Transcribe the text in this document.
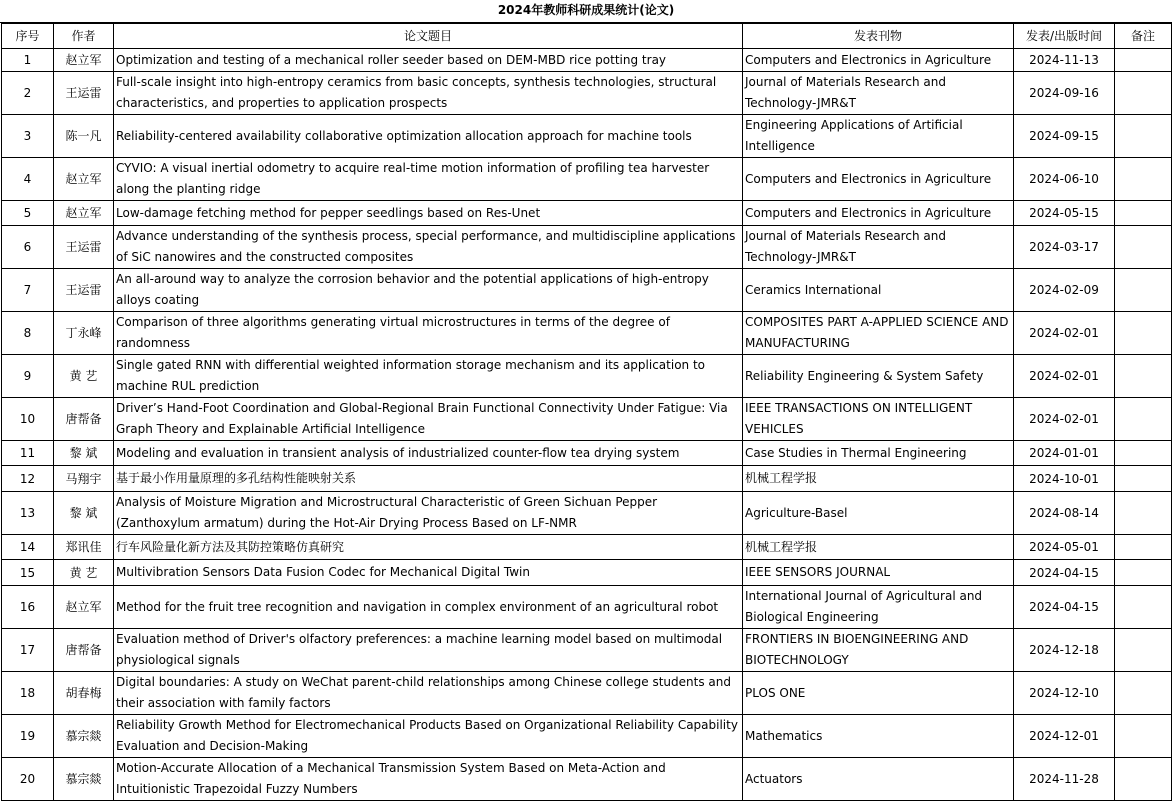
2024年教师科研成果统计(论文)
序号	作者	论文题目	发表刊物	发表/出版时间	备注
1	赵立军	Optimization and testing of a mechanical roller seeder based on DEM-MBD rice potting tray	Computers and Electronics in Agriculture	2024-11-13	
2	王运雷	Full-scale insight into high-entropy ceramics from basic concepts, synthesis technologies, structural characteristics, and properties to application prospects	Journal of Materials Research and Technology-JMR&T	2024-09-16	
3	陈一凡	Reliability-centered availability collaborative optimization allocation approach for machine tools	Engineering Applications of Artificial Intelligence	2024-09-15	
4	赵立军	CYVIO: A visual inertial odometry to acquire real-time motion information of profiling tea harvester along the planting ridge	Computers and Electronics in Agriculture	2024-06-10	
5	赵立军	Low-damage fetching method for pepper seedlings based on Res-Unet	Computers and Electronics in Agriculture	2024-05-15	
6	王运雷	Advance understanding of the synthesis process, special performance, and multidiscipline applications of SiC nanowires and the constructed composites	Journal of Materials Research and Technology-JMR&T	2024-03-17	
7	王运雷	An all-around way to analyze the corrosion behavior and the potential applications of high-entropy alloys coating	Ceramics International	2024-02-09	
8	丁永峰	Comparison of three algorithms generating virtual microstructures in terms of the degree of randomness	COMPOSITES PART A-APPLIED SCIENCE AND MANUFACTURING	2024-02-01	
9	黄 艺	Single gated RNN with differential weighted information storage mechanism and its application to machine RUL prediction	Reliability Engineering & System Safety	2024-02-01	
10	唐帮备	Driver’s Hand-Foot Coordination and Global-Regional Brain Functional Connectivity Under Fatigue: Via Graph Theory and Explainable Artificial Intelligence	IEEE TRANSACTIONS ON INTELLIGENT VEHICLES	2024-02-01	
11	黎 斌	Modeling and evaluation in transient analysis of industrialized counter-flow tea drying system	Case Studies in Thermal Engineering	2024-01-01	
12	马翔宇	基于最小作用量原理的多孔结构性能映射关系	机械工程学报	2024-10-01	
13	黎 斌	Analysis of Moisture Migration and Microstructural Characteristic of Green Sichuan Pepper (Zanthoxylum armatum) during the Hot-Air Drying Process Based on LF-NMR	Agriculture-Basel	2024-08-14	
14	郑讯佳	行车风险量化新方法及其防控策略仿真研究	机械工程学报	2024-05-01	
15	黄 艺	Multivibration Sensors Data Fusion Codec for Mechanical Digital Twin	IEEE SENSORS JOURNAL	2024-04-15	
16	赵立军	Method for the fruit tree recognition and navigation in complex environment of an agricultural robot	International Journal of Agricultural and Biological Engineering	2024-04-15	
17	唐帮备	Evaluation method of Driver's olfactory preferences: a machine learning model based on multimodal physiological signals	FRONTIERS IN BIOENGINEERING AND BIOTECHNOLOGY	2024-12-18	
18	胡春梅	Digital boundaries: A study on WeChat parent-child relationships among Chinese college students and their association with family factors	PLOS ONE	2024-12-10	
19	慕宗燚	Reliability Growth Method for Electromechanical Products Based on Organizational Reliability Capability Evaluation and Decision-Making	Mathematics	2024-12-01	
20	慕宗燚	Motion-Accurate Allocation of a Mechanical Transmission System Based on Meta-Action and Intuitionistic Trapezoidal Fuzzy Numbers	Actuators	2024-11-28	
